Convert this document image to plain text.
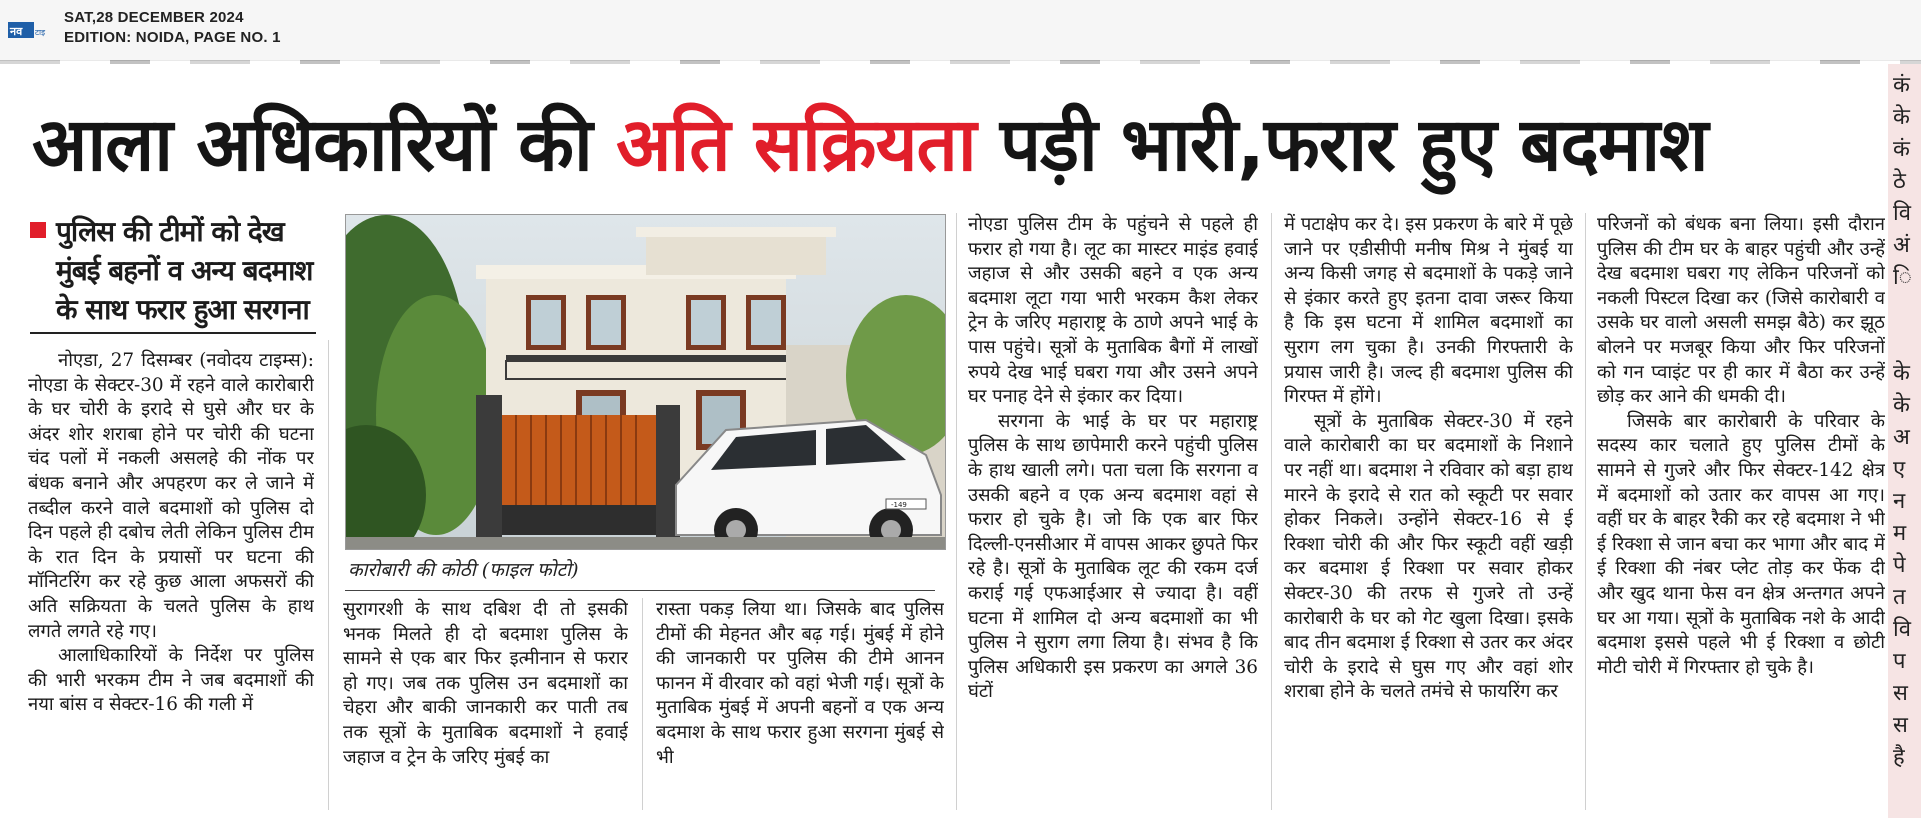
नव टाइ
SAT,28 DECEMBER 2024
EDITION: NOIDA, PAGE NO. 1
कं
के
कं
ठे
वि
अं
ि

के
के
अ
ए
न
म
पे
त
वि
प
स
स
है
आला अधिकारियों की अति सक्रियता पड़ी भारी,फरार हुए बदमाश
पुलिस की टीमों को देख मुंबई बहनों व अन्य बदमाश के साथ फरार हुआ सरगना

नोएडा, 27 दिसम्बर (नवोदय टाइम्स): नोएडा के सेक्टर-30 में रहने वाले कारोबारी के घर चोरी के इरादे से घुसे और घर के अंदर शोर शराबा होने पर चोरी की घटना चंद पलों में नकली असलहे की नोंक पर बंधक बनाने और अपहरण कर ले जाने में तब्दील करने वाले बदमाशों को पुलिस दो दिन पहले ही दबोच लेती लेकिन पुलिस टीम के रात दिन के प्रयासों पर घटना की मॉनिटरिंग कर रहे कुछ आला अफसरों की अति सक्रियता के चलते पुलिस के हाथ लगते लगते रहे गए।

आलाधिकारियों के निर्देश पर पुलिस की भारी भरकम टीम ने जब बदमाशों की नया बांस व सेक्टर-16 की गली में

-149
कारोबारी की कोठी (फाइल फोटो)

सुरागरशी के साथ दबिश दी तो इसकी भनक मिलते ही दो बदमाश पुलिस के सामने से एक बार फिर इत्मीनान से फरार हो गए। जब तक पुलिस उन बदमाशों का चेहरा और बाकी जानकारी कर पाती तब तक सूत्रों के मुताबिक बदमाशों ने हवाई जहाज व ट्रेन के जरिए मुंबई का

रास्ता पकड़ लिया था। जिसके बाद पुलिस टीमों की मेहनत और बढ़ गई। मुंबई में होने की जानकारी पर पुलिस की टीमे आनन फानन में वीरवार को वहां भेजी गई। सूत्रों के मुताबिक मुंबई में अपनी बहनों व एक अन्य बदमाश के साथ फरार हुआ सरगना मुंबई से भी

नोएडा पुलिस टीम के पहुंचने से पहले ही फरार हो गया है। लूट का मास्टर माइंड हवाई जहाज से और उसकी बहने व एक अन्य बदमाश लूटा गया भारी भरकम कैश लेकर ट्रेन के जरिए महाराष्ट्र के ठाणे अपने भाई के पास पहुंचे। सूत्रों के मुताबिक बैगों में लाखों रुपये देख भाई घबरा गया और उसने अपने घर पनाह देने से इंकार कर दिया।

सरगना के भाई के घर पर महाराष्ट्र पुलिस के साथ छापेमारी करने पहुंची पुलिस के हाथ खाली लगे। पता चला कि सरगना व उसकी बहने व एक अन्य बदमाश वहां से फरार हो चुके है। जो कि एक बार फिर दिल्ली-एनसीआर में वापस आकर छुपते फिर रहे है। सूत्रों के मुताबिक लूट की रकम दर्ज कराई गई एफआईआर से ज्यादा है। वहीं घटना में शामिल दो अन्य बदमाशों का भी पुलिस ने सुराग लगा लिया है। संभव है कि पुलिस अधिकारी इस प्रकरण का अगले 36 घंटों

में पटाक्षेप कर दे। इस प्रकरण के बारे में पूछे जाने पर एडीसीपी मनीष मिश्र ने मुंबई या अन्य किसी जगह से बदमाशों के पकड़े जाने से इंकार करते हुए इतना दावा जरूर किया है कि इस घटना में शामिल बदमाशों का सुराग लग चुका है। उनकी गिरफ्तारी के प्रयास जारी है। जल्द ही बदमाश पुलिस की गिरफ्त में होंगे।

सूत्रों के मुताबिक सेक्टर-30 में रहने वाले कारोबारी का घर बदमाशों के निशाने पर नहीं था। बदमाश ने रविवार को बड़ा हाथ मारने के इरादे से रात को स्कूटी पर सवार होकर निकले। उन्होंने सेक्टर-16 से ई रिक्शा चोरी की और फिर स्कूटी वहीं खड़ी कर बदमाश ई रिक्शा पर सवार होकर सेक्टर-30 की तरफ से गुजरे तो उन्हें कारोबारी के घर को गेट खुला दिखा। इसके बाद तीन बदमाश ई रिक्शा से उतर कर अंदर चोरी के इरादे से घुस गए और वहां शोर शराबा होने के चलते तमंचे से फायरिंग कर

परिजनों को बंधक बना लिया। इसी दौरान पुलिस की टीम घर के बाहर पहुंची और उन्हें देख बदमाश घबरा गए लेकिन परिजनों को नकली पिस्टल दिखा कर (जिसे कारोबारी व उसके घर वालो असली समझ बैठे) कर झूठ बोलने पर मजबूर किया और फिर परिजनों को गन प्वाइंट पर ही कार में बैठा कर उन्हें छोड़ कर आने की धमकी दी।

जिसके बार कारोबारी के परिवार के सदस्य कार चलाते हुए पुलिस टीमों के सामने से गुजरे और फिर सेक्टर-142 क्षेत्र में बदमाशों को उतार कर वापस आ गए। वहीं घर के बाहर रैकी कर रहे बदमाश ने भी ई रिक्शा से जान बचा कर भागा और बाद में ई रिक्शा की नंबर प्लेट तोड़ कर फेंक दी और खुद थाना फेस वन क्षेत्र अन्तगत अपने घर आ गया। सूत्रों के मुताबिक नशे के आदी बदमाश इससे पहले भी ई रिक्शा व छोटी मोटी चोरी में गिरफ्तार हो चुके है।
